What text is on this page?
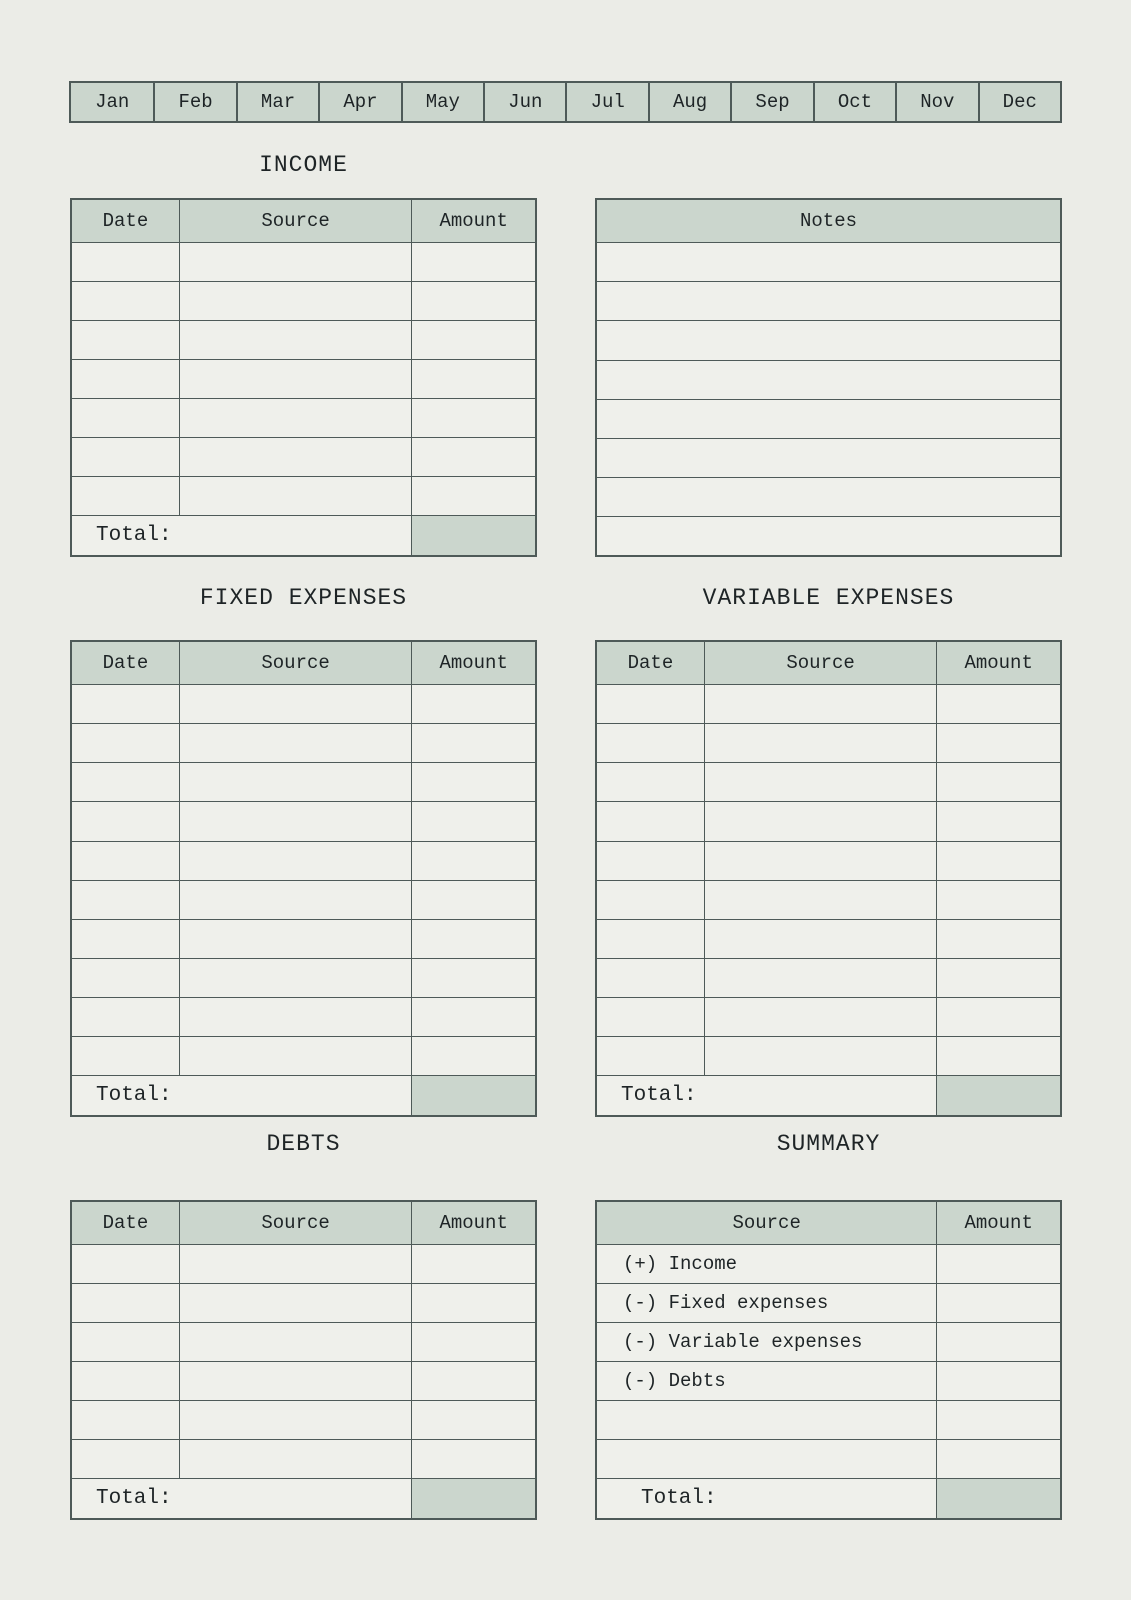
Jan	Feb	Mar	Apr	May	Jun	Jul	Aug	Sep	Oct	Nov	Dec
INCOME
FIXED EXPENSES	VARIABLE EXPENSES
DEBTS	SUMMARY
Date	Source	Amount

Total:		
Notes

Date	Source	Amount

Total:		
Date	Source	Amount

Total:		
Date	Source	Amount

Total:		
Source	Amount
(+) Income	
(-) Fixed expenses	
(-) Variable expenses	
(-) Debts	

Total:	
